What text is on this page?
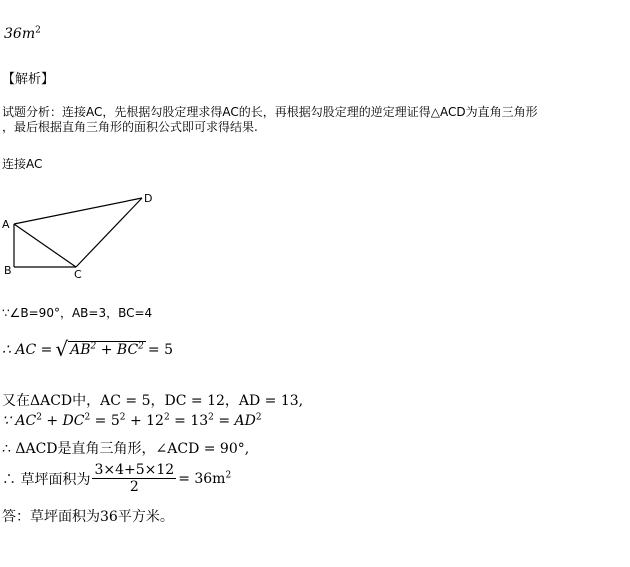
$36m^2$
【解析】
试题分析：连接AC，先根据勾股定理求得AC的长，再根据勾股定理的逆定理证得△ACD为直角三角形
，最后根据直角三角形的面积公式即可求得结果.
连接AC
A
B	C
D
∵∠B=90°，AB=3，BC=4
∴ AC = √ $AB^2 + BC^2 = 5$
又在ΔACD中，AC = 5，DC = 12，AD = 13,
∵ $AC^2 + DC^2 = 5^2 + 12^2 = 13^2 = AD^2$
∴ ΔACD是直角三角形，∠ACD = 90°,
∴ 草坪面积为 $\frac{3\times 4+5\times 12}{2} = 36m^2$
答：草坪面积为36平方米。
